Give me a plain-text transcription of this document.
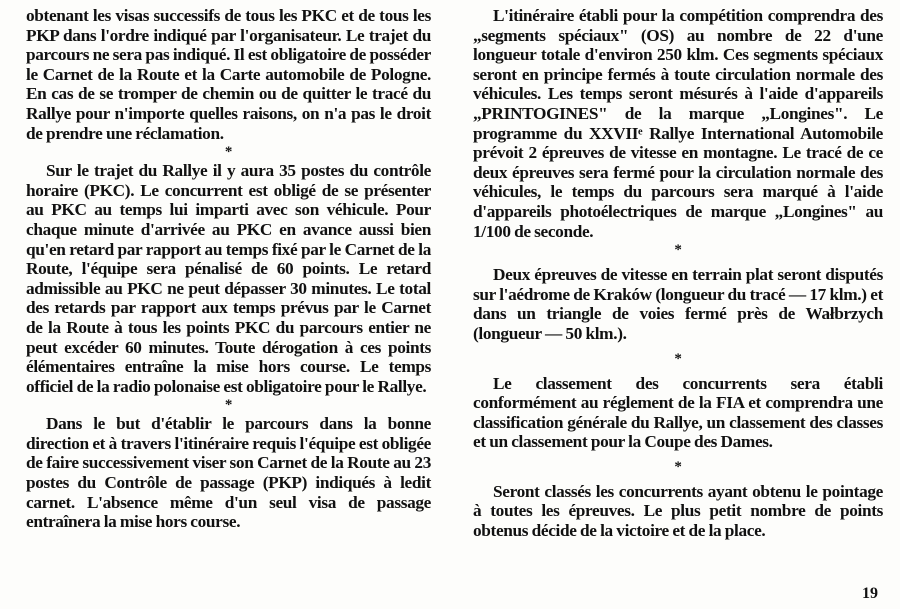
obtenant les visas successifs de tous les PKC et de tous les PKP dans l'ordre indiqué par l'organisateur. Le trajet du parcours ne sera pas indiqué. Il est obligatoire de posséder le Carnet de la Route et la Carte automobile de Pologne. En cas de se tromper de chemin ou de quitter le tracé du Rallye pour n'importe quelles raisons, on n'a pas le droit de prendre une réclamation.

*

Sur le trajet du Rallye il y aura 35 postes du contrôle horaire (PKC). Le concurrent est obligé de se présenter au PKC au temps lui imparti avec son véhicule. Pour chaque minute d'arrivée au PKC en avance aussi bien qu'en retard par rapport au temps fixé par le Carnet de la Route, l'équipe sera pénalisé de 60 points. Le retard admissible au PKC ne peut dépasser 30 minutes. Le total des retards par rapport aux temps prévus par le Carnet de la Route à tous les points PKC du parcours entier ne peut excéder 60 minutes. Toute dérogation à ces points élémentaires entraîne la mise hors course. Le temps officiel de la radio polonaise est obligatoire pour le Rallye.

*

Dans le but d'établir le parcours dans la bonne direction et à travers l'itinéraire requis l'équipe est obligée de faire successivement viser son Carnet de la Route au 23 postes du Contrôle de passage (PKP) indiqués à ledit carnet. L'absence même d'un seul visa de passage entraînera la mise hors course.

L'itinéraire établi pour la compétition comprendra des „segments spéciaux" (OS) au nombre de 22 d'une longueur totale d'environ 250 klm. Ces segments spéciaux seront en principe fermés à toute circulation normale des véhicules. Les temps seront mésurés à l'aide d'appareils „PRINTOGINES" de la marque „Longines". Le programme du XXVIIᵉ Rallye International Automobile prévoit 2 épreuves de vitesse en montagne. Le tracé de ce deux épreuves sera fermé pour la circulation normale des véhicules, le temps du parcours sera marqué à l'aide d'appareils photoélectriques de marque „Longines" au 1/100 de seconde.

*

Deux épreuves de vitesse en terrain plat seront disputés sur l'aédrome de Kraków (longueur du tracé — 17 klm.) et dans un triangle de voies fermé près de Wałbrzych (longueur — 50 klm.).

*

Le classement des concurrents sera établi conformément au réglement de la FIA et comprendra une classification générale du Rallye, un classement des classes et un classement pour la Coupe des Dames.

*

Seront classés les concurrents ayant obtenu le pointage à toutes les épreuves. Le plus petit nombre de points obtenus décide de la victoire et de la place.

19
